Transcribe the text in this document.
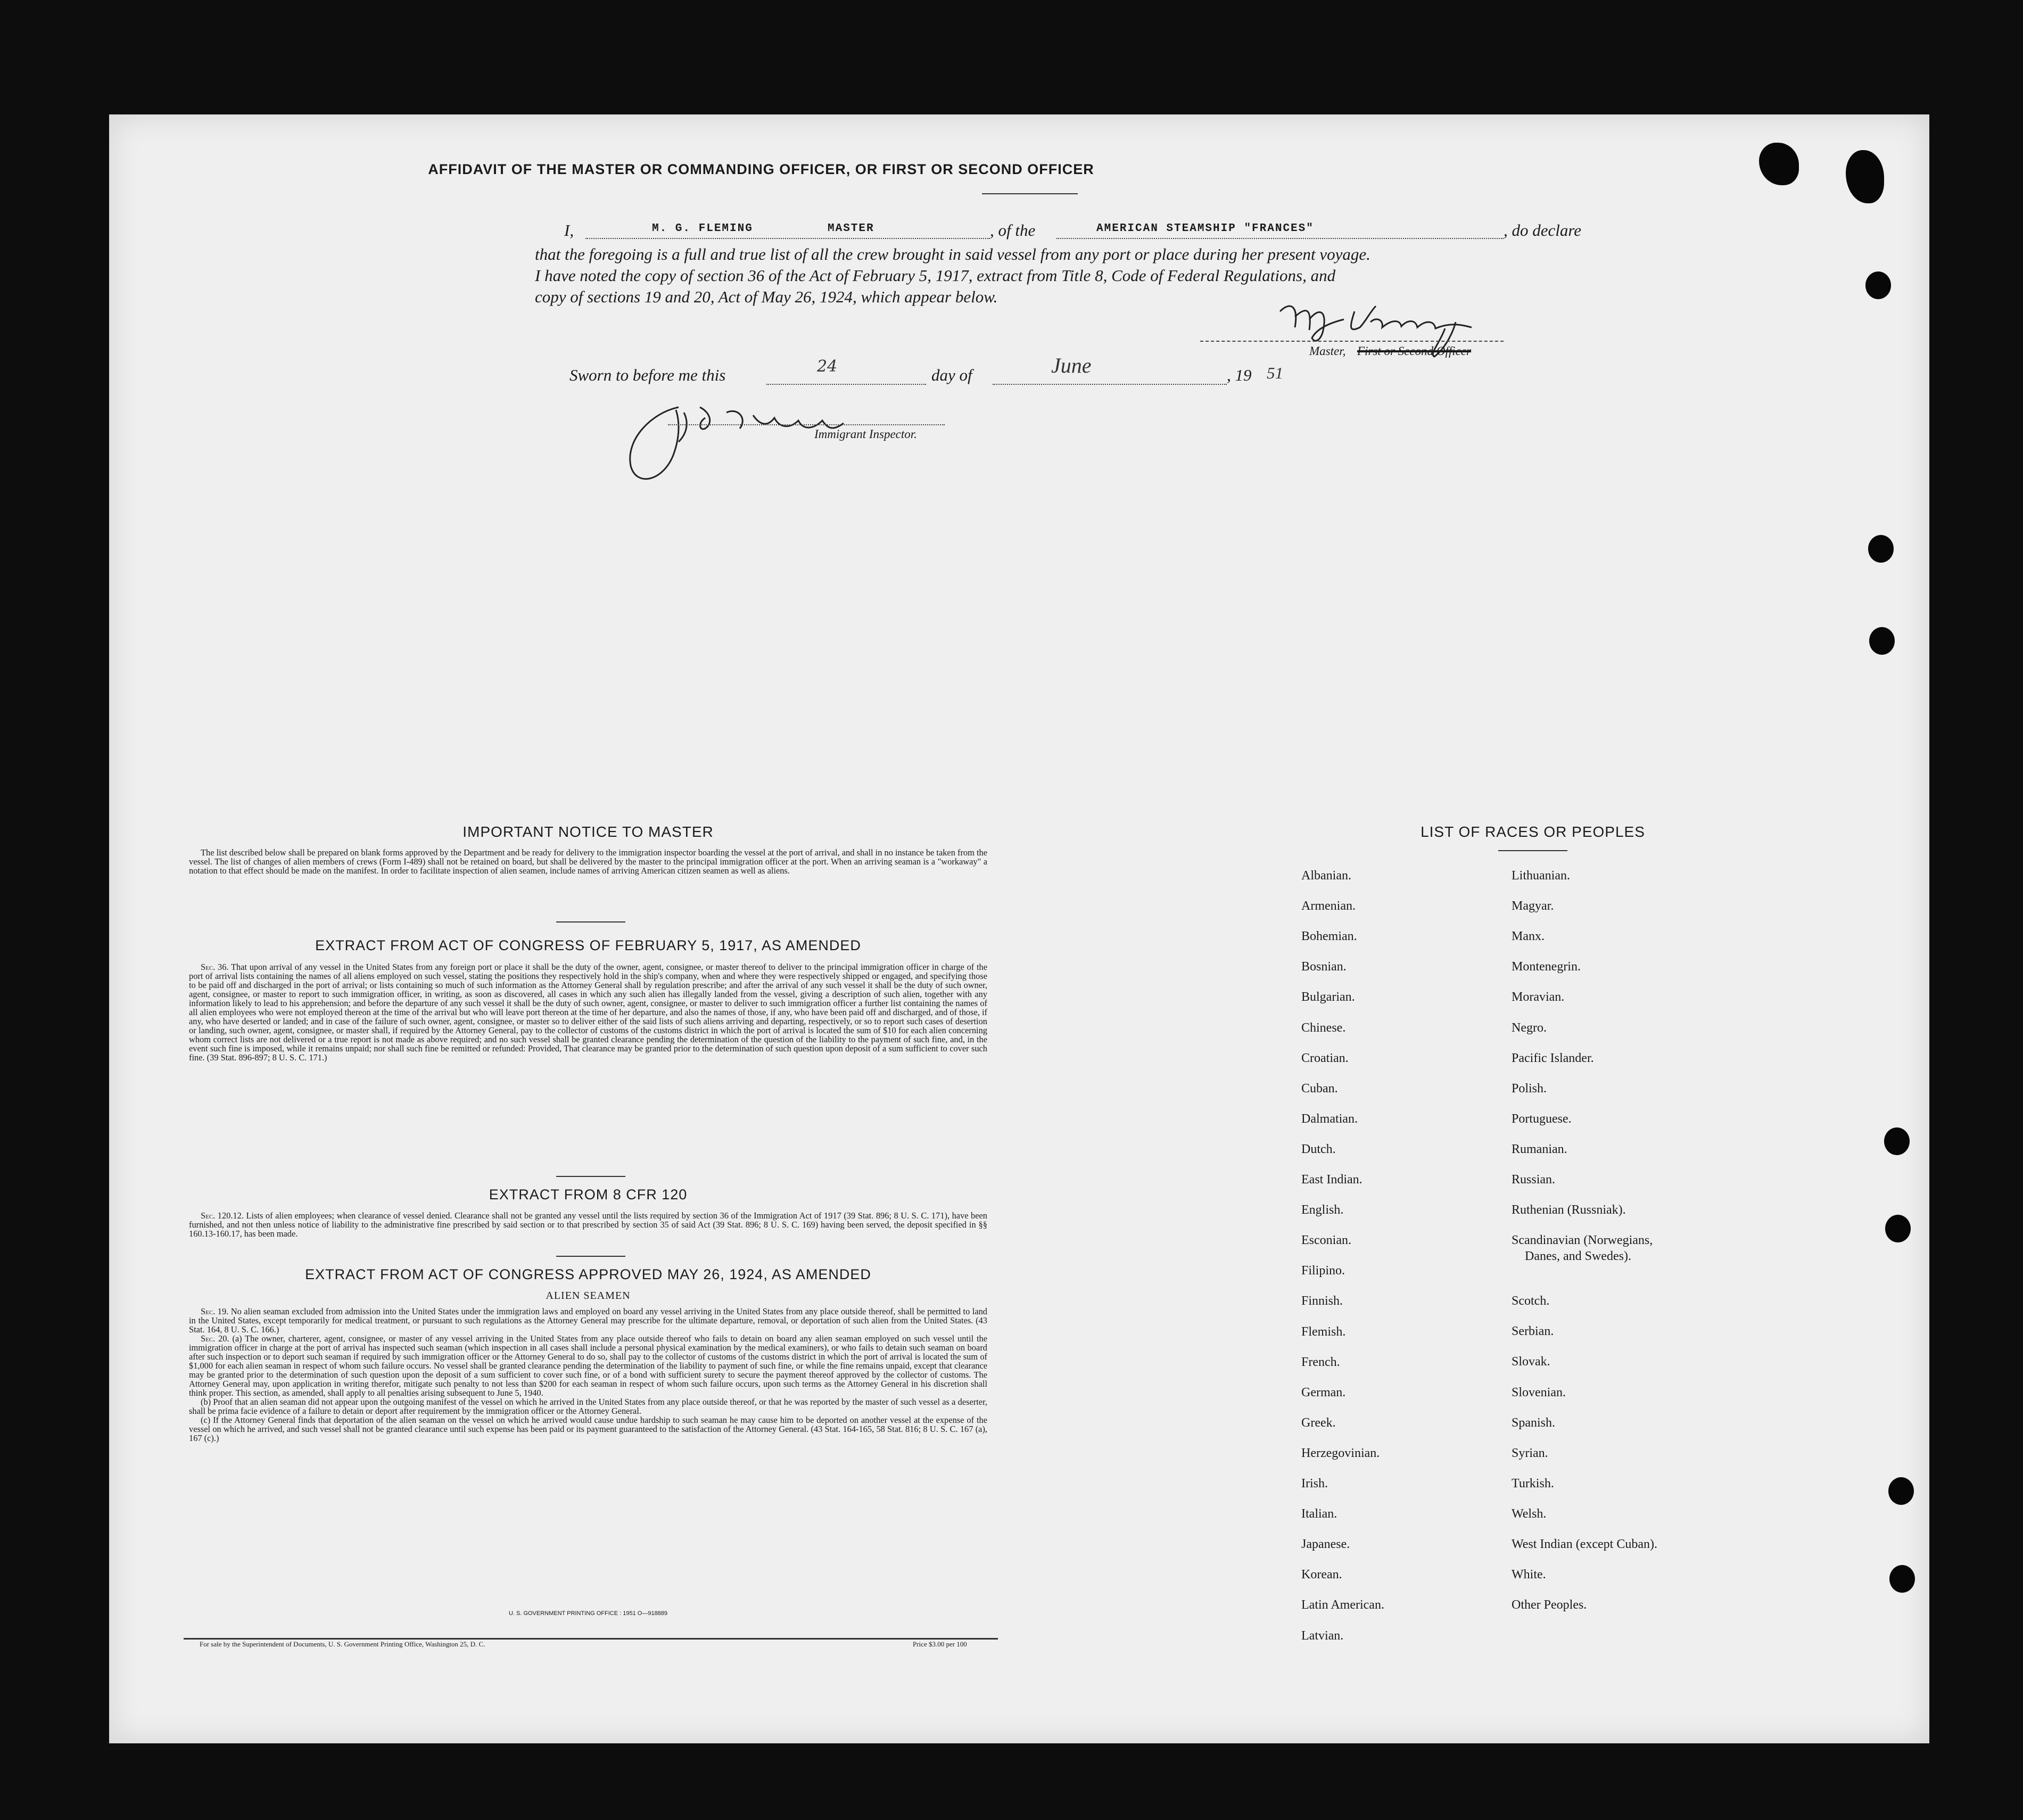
AFFIDAVIT OF THE MASTER OR COMMANDING OFFICER, OR FIRST OR SECOND OFFICER
I,	M. G. FLEMING	MASTER	, of the	AMERICAN STEAMSHIP "FRANCES"	, do declare
that the foregoing is a full and true list of all the crew brought in said vessel from any port or place during her present voyage.
I have noted the copy of section 36 of the Act of February 5, 1917, extract from Title 8, Code of Federal Regulations, and
copy of sections 19 and 20, Act of May 26, 1924, which appear below.
Master, First or Second Officer
Sworn to before me this	24	day of	June	, 19 51
Immigrant Inspector.
IMPORTANT NOTICE TO MASTER

The list described below shall be prepared on blank forms approved by the Department and be ready for delivery to the immigration inspector boarding the vessel at the port of arrival, and shall in no instance be taken from the vessel. The list of changes of alien members of crews (Form I-489) shall not be retained on board, but shall be delivered by the master to the principal immigration officer at the port. When an arriving seaman is a "workaway" a notation to that effect should be made on the manifest. In order to facilitate inspection of alien seamen, include names of arriving American citizen seamen as well as aliens.

EXTRACT FROM ACT OF CONGRESS OF FEBRUARY 5, 1917, AS AMENDED

Sec. 36. That upon arrival of any vessel in the United States from any foreign port or place it shall be the duty of the owner, agent, consignee, or master thereof to deliver to the principal immigration officer in charge of the port of arrival lists containing the names of all aliens employed on such vessel, stating the positions they respectively hold in the ship's company, when and where they were respectively shipped or engaged, and specifying those to be paid off and discharged in the port of arrival; or lists containing so much of such information as the Attorney General shall by regulation prescribe; and after the arrival of any such vessel it shall be the duty of such owner, agent, consignee, or master to report to such immigration officer, in writing, as soon as discovered, all cases in which any such alien has illegally landed from the vessel, giving a description of such alien, together with any information likely to lead to his apprehension; and before the departure of any such vessel it shall be the duty of such owner, agent, consignee, or master to deliver to such immigration officer a further list containing the names of all alien employees who were not employed thereon at the time of the arrival but who will leave port thereon at the time of her departure, and also the names of those, if any, who have been paid off and discharged, and of those, if any, who have deserted or landed; and in case of the failure of such owner, agent, consignee, or master so to deliver either of the said lists of such aliens arriving and departing, respectively, or so to report such cases of desertion or landing, such owner, agent, consignee, or master shall, if required by the Attorney General, pay to the collector of customs of the customs district in which the port of arrival is located the sum of $10 for each alien concerning whom correct lists are not delivered or a true report is not made as above required; and no such vessel shall be granted clearance pending the determination of the question of the liability to the payment of such fine, and, in the event such fine is imposed, while it remains unpaid; nor shall such fine be remitted or refunded: Provided, That clearance may be granted prior to the determination of such question upon deposit of a sum sufficient to cover such fine. (39 Stat. 896-897; 8 U. S. C. 171.)

EXTRACT FROM 8 CFR 120

Sec. 120.12. Lists of alien employees; when clearance of vessel denied. Clearance shall not be granted any vessel until the lists required by section 36 of the Immigration Act of 1917 (39 Stat. 896; 8 U. S. C. 171), have been furnished, and not then unless notice of liability to the administrative fine prescribed by said section or to that prescribed by section 35 of said Act (39 Stat. 896; 8 U. S. C. 169) having been served, the deposit specified in §§ 160.13-160.17, has been made.

EXTRACT FROM ACT OF CONGRESS APPROVED MAY 26, 1924, AS AMENDED
ALIEN SEAMEN

Sec. 19. No alien seaman excluded from admission into the United States under the immigration laws and employed on board any vessel arriving in the United States from any place outside thereof, shall be permitted to land in the United States, except temporarily for medical treatment, or pursuant to such regulations as the Attorney General may prescribe for the ultimate departure, removal, or deportation of such alien from the United States. (43 Stat. 164, 8 U. S. C. 166.)

Sec. 20. (a) The owner, charterer, agent, consignee, or master of any vessel arriving in the United States from any place outside thereof who fails to detain on board any alien seaman employed on such vessel until the immigration officer in charge at the port of arrival has inspected such seaman (which inspection in all cases shall include a personal physical examination by the medical examiners), or who fails to detain such seaman on board after such inspection or to deport such seaman if required by such immigration officer or the Attorney General to do so, shall pay to the collector of customs of the customs district in which the port of arrival is located the sum of $1,000 for each alien seaman in respect of whom such failure occurs. No vessel shall be granted clearance pending the determination of the liability to payment of such fine, or while the fine remains unpaid, except that clearance may be granted prior to the determination of such question upon the deposit of a sum sufficient to cover such fine, or of a bond with sufficient surety to secure the payment thereof approved by the collector of customs. The Attorney General may, upon application in writing therefor, mitigate such penalty to not less than $200 for each seaman in respect of whom such failure occurs, upon such terms as the Attorney General in his discretion shall think proper. This section, as amended, shall apply to all penalties arising subsequent to June 5, 1940.

(b) Proof that an alien seaman did not appear upon the outgoing manifest of the vessel on which he arrived in the United States from any place outside thereof, or that he was reported by the master of such vessel as a deserter, shall be prima facie evidence of a failure to detain or deport after requirement by the immigration officer or the Attorney General.

(c) If the Attorney General finds that deportation of the alien seaman on the vessel on which he arrived would cause undue hardship to such seaman he may cause him to be deported on another vessel at the expense of the vessel on which he arrived, and such vessel shall not be granted clearance until such expense has been paid or its payment guaranteed to the satisfaction of the Attorney General. (43 Stat. 164-165, 58 Stat. 816; 8 U. S. C. 167 (a), 167 (c).)

U. S. GOVERNMENT PRINTING OFFICE : 1951 O—918889
For sale by the Superintendent of Documents, U. S. Government Printing Office, Washington 25, D. C.	Price $3.00 per 100
LIST OF RACES OR PEOPLES
Albanian.
Armenian.
Bohemian.
Bosnian.
Bulgarian.
Chinese.
Croatian.
Cuban.
Dalmatian.
Dutch.
East Indian.
English.
Esconian.
Filipino.
Finnish.
Flemish.
French.
German.
Greek.
Herzegovinian.
Irish.
Italian.
Japanese.
Korean.
Latin American.
Latvian.
Lithuanian.
Magyar.
Manx.
Montenegrin.
Moravian.
Negro.
Pacific Islander.
Polish.
Portuguese.
Rumanian.
Russian.
Ruthenian (Russniak).
Scandinavian (Norwegians,
Danes, and Swedes).
Scotch.
Serbian.
Slovak.
Slovenian.
Spanish.
Syrian.
Turkish.
Welsh.
West Indian (except Cuban).
White.
Other Peoples.
